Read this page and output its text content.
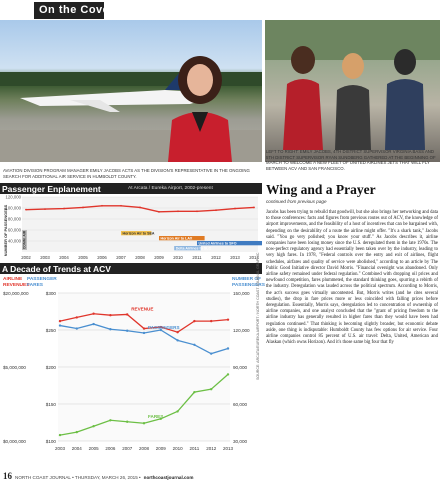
On the Cover
AVIATION DIVISION PROGRAM MANAGER EMILY JACOBS ACTS AS THE DIVISION'S REPRESENTATIVE IN THE ONGOING SEARCH FOR ADDITIONAL AIR SERVICE IN HUMBOLDT COUNTY.
LEFT TO RIGHT: EMILY JACOBS, 4TH DISTRICT SUPERVISOR VIRGINIA BASS AND 5TH DISTRICT SUPERVISOR RYAN SUNDBERG GATHERED AT THE BEGINNING OF MARCH TO WELCOME A NEW FLEET OF UNITED AIRLINES JETS THAT WILL FLY BETWEEN ACV AND SAN FRANCISCO.
Passenger Enplanement	At Arcata / Eureka Airport, 2002-present
120,000
100,000
80,000
60,000
40,000
NUMBER OF PASSENGERS	COMM. AIR	Horizon Air to SEA
Horizon Air to LAX
United Airlines to SFO
Delta Airlines to SLC
2002 2003 2004 2005 2006 2007 2008 2009 2010 2011 2012 2013 2014
A Decade of Trends at ACV
AIRLINE REVENUES
PASSENGER FARES
NUMBER OF PASSENGERS
$300	150,000
$250	120,000
$200	90,000
$150	60,000
$100	30,000
$20,000,000
$5,000,000
$0,000,000
REVENUE
PASSENGERS
FARES
2003 2004 2005 2006 2007 2008 2009 2010 2011 2012 2013
SOURCE: ARCATA/EUREKA AIRPORT / NORTH COAST JOURNAL GRAPHIC
Wing and a Prayer
continued from previous page
Jacobs has been trying to rebuild that goodwill, but she also brings her networking and data to those conferences: facts and figures from previous routes out of ACV, the knowledge of airport improvements, and the feasibility of a host of incentives that can be bargained with, depending on the desirability of a route the airline might offer. "It's a shark tank," Jacobs said. "You go very polished; you know your stuff." As Jacobs describes it, airline companies have been losing money since the U.S. deregulated them in the late 1970s. The now-perfect regulatory agency had essentially been taken over by the industry, leading to very high fares. In 1978, "Federal controls over the entry and exit of airlines, flight schedules, airfares and quality of service were abolished," according to an article by The Public Good Initiative director David Morris. "Financial oversight was abandoned. Only airline safety remained under federal regulation." Combined with dropping oil prices and newfound competition, fares plummeted, the standard thinking goes, spurring a rebirth of the industry. Deregulation was lauded across the political spectrum. According to Morris, the act's success goes virtually uncontested. But, Morris writes (and he cites several studies), the drop in fare prices more or less coincided with falling prices before deregulation. Essentially, Morris says, deregulation led to concentration of ownership of airline companies, and one analyst concluded that the "grant of pricing freedom to the airline industry has generally resulted in higher fares than they would have been had regulation continued." That thinking is becoming slightly broader, but economic debate aside, one thing is indisputable: Humboldt County has few options for air service. Four airline companies control 85 percent of U.S. air travel: Delta, United, American and Alaskan (which owns Horizon). And it's those same big four that fly
16 NORTH COAST JOURNAL • THURSDAY, MARCH 26, 2015 • northcoastjournal.com
